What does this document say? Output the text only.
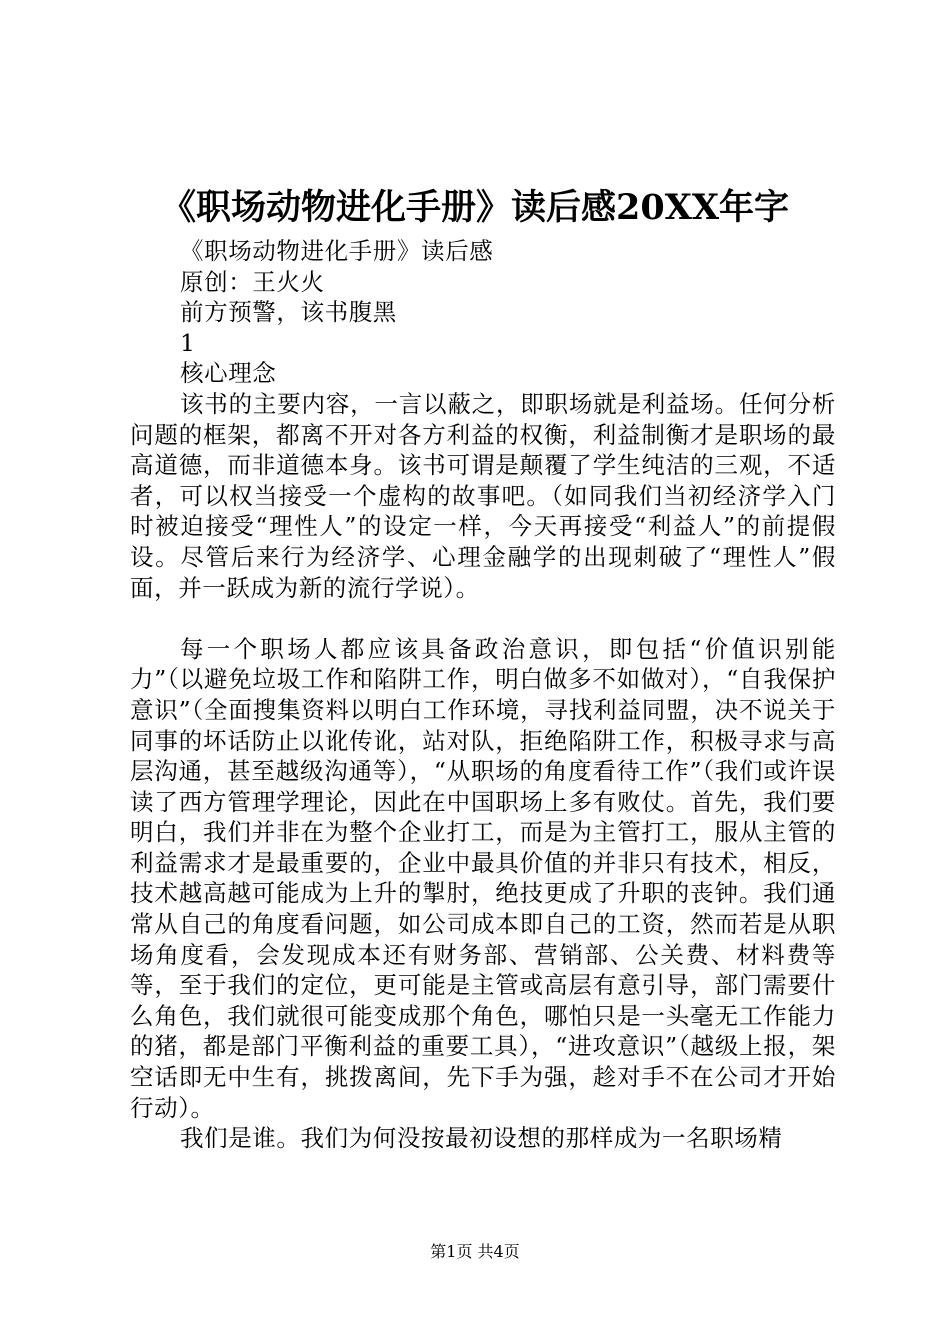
《职场动物进化手册》读后感20XX年字

《职场动物进化手册》读后感

原创：王火火

前方预警，该书腹黑

1

核心理念

该书的主要内容，一言以蔽之，即职场就是利益场。任何分析问题的框架，都离不开对各方利益的权衡，利益制衡才是职场的最高道德，而非道德本身。该书可谓是颠覆了学生纯洁的三观，不适者，可以权当接受一个虚构的故事吧。（如同我们当初经济学入门时被迫接受“理性人”的设定一样，今天再接受“利益人”的前提假设。尽管后来行为经济学、心理金融学的出现刺破了“理性人”假面，并一跃成为新的流行学说）。

每一个职场人都应该具备政治意识，即包括“价值识别能力”（以避免垃圾工作和陷阱工作，明白做多不如做对），“自我保护意识”（全面搜集资料以明白工作环境，寻找利益同盟，决不说关于同事的坏话防止以讹传讹，站对队，拒绝陷阱工作，积极寻求与高层沟通，甚至越级沟通等），“从职场的角度看待工作”（我们或许误读了西方管理学理论，因此在中国职场上多有败仗。首先，我们要明白，我们并非在为整个企业打工，而是为主管打工，服从主管的利益需求才是最重要的，企业中最具价值的并非只有技术，相反，技术越高越可能成为上升的掣肘，绝技更成了升职的丧钟。我们通常从自己的角度看问题，如公司成本即自己的工资，然而若是从职场角度看，会发现成本还有财务部、营销部、公关费、材料费等等，至于我们的定位，更可能是主管或高层有意引导，部门需要什么角色，我们就很可能变成那个角色，哪怕只是一头毫无工作能力的猪，都是部门平衡利益的重要工具），“进攻意识”（越级上报，架空话即无中生有，挑拨离间，先下手为强，趁对手不在公司才开始行动）。

我们是谁。我们为何没按最初设想的那样成为一名职场精

第1页 共4页
